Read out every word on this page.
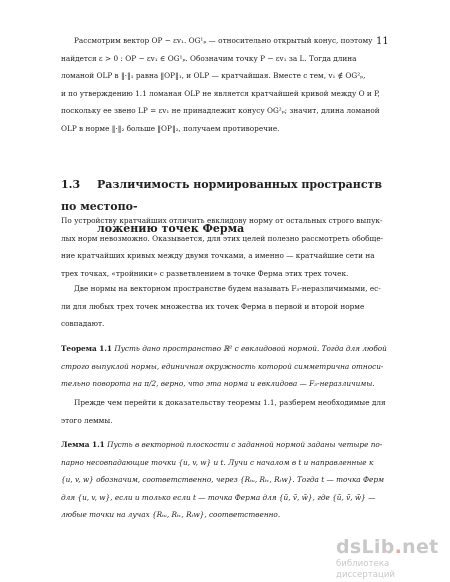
11

Рассмотрим вектор OP − εv₁. OG¹ₚ — относительно открытый конус, поэтому
найдется ε > 0 : OP − εv₁ ∈ OG¹ₚ. Обозначим точку P − εv₁ за L. Тогда длина
ломаной OLP в ‖·‖₁ равна ‖OP‖₁, и OLP — кратчайшая. Вместе с тем, v₁ ∉ OG²ₚ,
и по утверждению 1.1 ломаная OLP не является кратчайшей кривой между O и P,
поскольку ее звено LP = εv₁ не принадлежит конусу OG²ₚ; значит, длина ломаной
OLP в норме ‖·‖₂ больше ‖OP‖₂, получаем противоречие.

1.3 Различимость нормированных пространств по местопо-
ложению точек Ферма

По устройству кратчайших отличить евклидову норму от остальных строго выпук-
лых норм невозможно. Оказывается, для этих целей полезно рассмотреть обобще-
ние кратчайших кривых между двумя точками, а именно — кратчайшие сети на
трех точках, «тройники» с разветвлением в точке Ферма этих трех точек.

Две нормы на векторном пространстве будем называть F₃-неразличимыми, ес-
ли для любых трех точек множества их точек Ферма в первой и второй норме
совпадают.

Теорема 1.1 Пусть дано пространство ℝ² с евклидовой нормой. Тогда для любой
строго выпуклой нормы, единичная окружность которой симметрична относи-
тельно поворота на π/2, верно, что эта норма и евклидова — F₃-неразличимы.

Прежде чем перейти к доказательству теоремы 1.1, разберем необходимые для
этого леммы.

Лемма 1.1 Пусть в векторной плоскости с заданной нормой заданы четыре по-
парно несовпадающие точки {u, v, w} и t. Лучи с началом в t и направленные к
{u, v, w} обозначим, соответственно, через {Rₜᵤ, Rₜᵥ, Rₜw}. Тогда t — точка Ферм
для {u, v, w}, если и только если t — точка Ферма для {ũ, ṽ, w̃}, где {ũ, ṽ, w̃} —
любые точки на лучах {Rₜᵤ, Rₜᵥ, Rₜw}, соответственно.

dsLib.net
библиотека диссертаций
